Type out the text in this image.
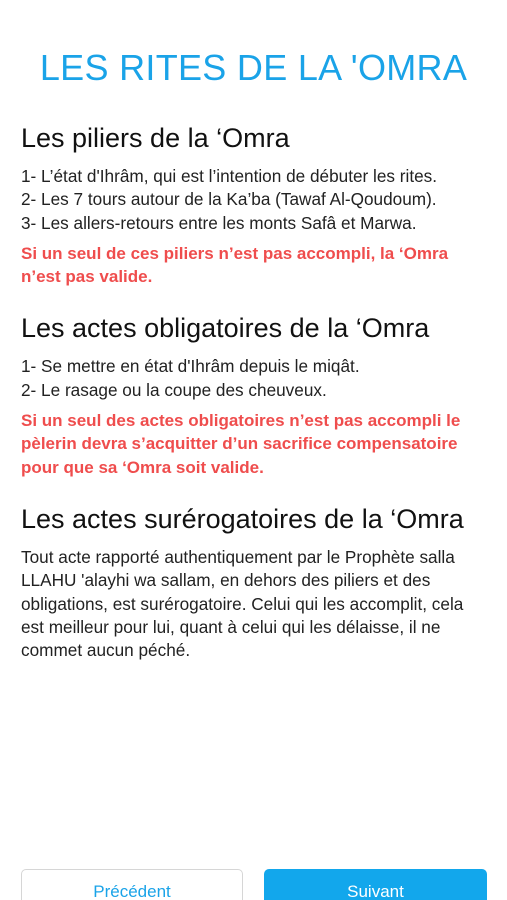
LES RITES DE LA 'OMRA
Les piliers de la ‘Omra

1- L’état d'Ihrâm, qui est l’intention de débuter les rites.
2- Les 7 tours autour de la Ka’ba (Tawaf Al-Qoudoum).
3- Les allers-retours entre les monts Safâ et Marwa.

Si un seul de ces piliers n’est pas accompli, la ‘Omra n’est pas valide.

Les actes obligatoires de la ‘Omra

1- Se mettre en état d'Ihrâm depuis le miqât.
2- Le rasage ou la coupe des cheuveux.

Si un seul des actes obligatoires n’est pas accompli le pèlerin devra s’acquitter d’un sacrifice compensatoire pour que sa ‘Omra soit valide.

Les actes surérogatoires de la ‘Omra

Tout acte rapporté authentiquement par le Prophète salla LLAHU 'alayhi wa sallam, en dehors des piliers et des obligations, est surérogatoire. Celui qui les accomplit, cela est meilleur pour lui, quant à celui qui les délaisse, il ne commet aucun péché.

Précédent	Suivant
